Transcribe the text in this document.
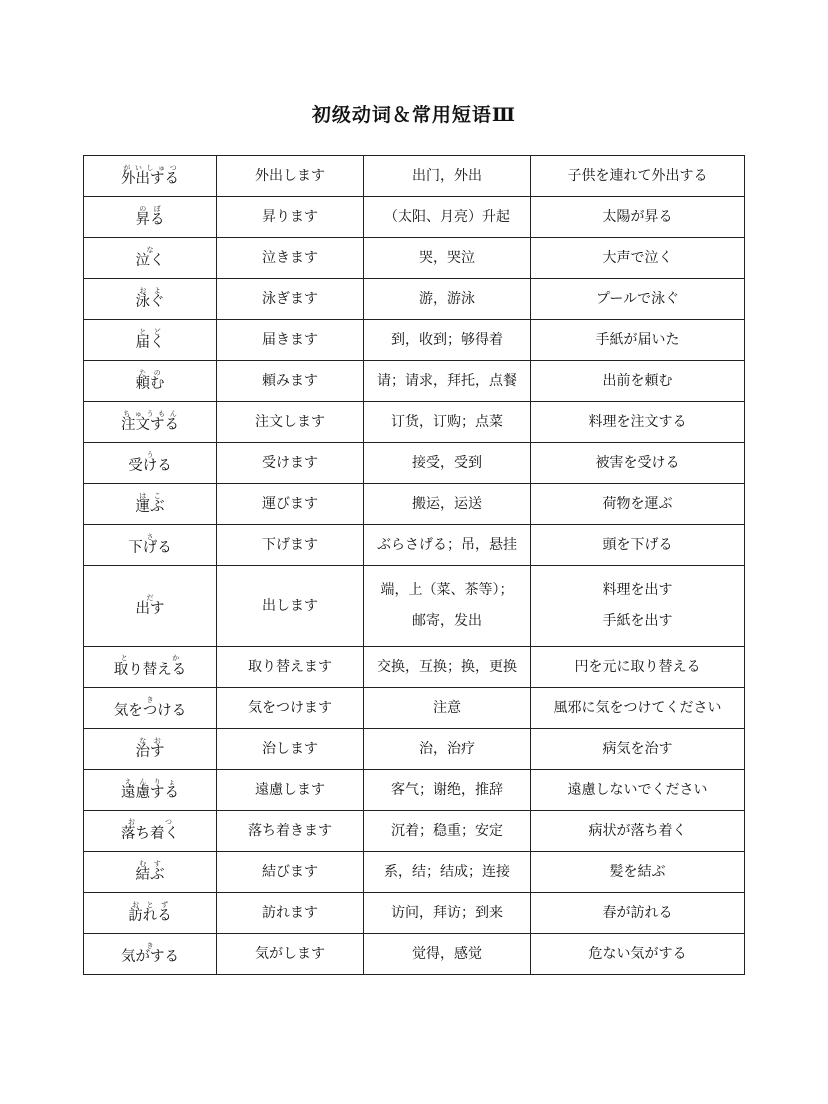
初级动词＆常用短语Ⅲ
外出するがいしゅつ	外出します	出门，外出	子供を連れて外出する

昇るのぼ	昇ります	（太阳、月亮）升起	太陽が昇る

泣くな	泣きます	哭，哭泣	大声で泣く

泳ぐおよ	泳ぎます	游，游泳	プールで泳ぐ

届くとど	届きます	到，收到；够得着	手紙が届いた

頼むたの	頼みます	请；请求，拜托，点餐	出前を頼む

注文するちゅうもん	注文します	订货，订购；点菜	料理を注文する

受けるう	受けます	接受，受到	被害を受ける

運ぶはこ	運びます	搬运，运送	荷物を運ぶ

下げるさ	下げます	ぶらさげる；吊，悬挂	頭を下げる

出すだ	出します	端，上（菜、茶等）；
邮寄，发出	料理を出す
手紙を出す

取り替えると か	取り替えます	交换，互换；换，更换	円を元に取り替える

気をつけるき	気をつけます	注意	風邪に気をつけてください

治すなお	治します	治，治疗	病気を治す

遠慮するえんりょ	遠慮します	客气；谢绝，推辞	遠慮しないでください

落ち着くお つ	落ち着きます	沉着；稳重；安定	病状が落ち着く

結ぶむす	結びます	系，结；结成；连接	髪を結ぶ

訪れるおとず	訪れます	访问，拜访；到来	春が訪れる

気がするき	気がします	觉得，感觉	危ない気がする
